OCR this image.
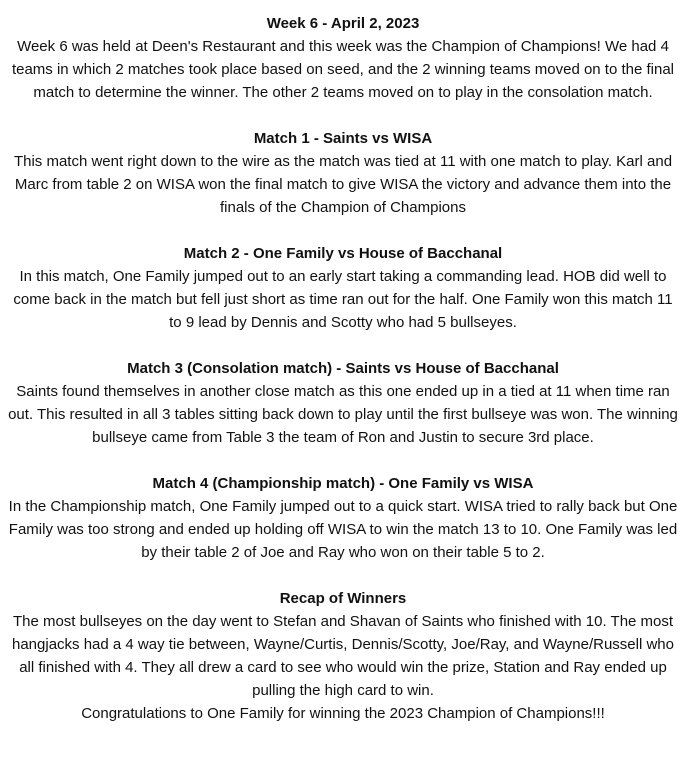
Week 6 - April 2, 2023

Week 6 was held at Deen's Restaurant and this week was the Champion of Champions! We had 4 teams in which 2 matches took place based on seed, and the 2 winning teams moved on to the final match to determine the winner. The other 2 teams moved on to play in the consolation match.

Match 1 - Saints vs WISA

This match went right down to the wire as the match was tied at 11 with one match to play. Karl and Marc from table 2 on WISA won the final match to give WISA the victory and advance them into the finals of the Champion of Champions

Match 2 - One Family vs House of Bacchanal

In this match, One Family jumped out to an early start taking a commanding lead. HOB did well to come back in the match but fell just short as time ran out for the half. One Family won this match 11 to 9 lead by Dennis and Scotty who had 5 bullseyes.

Match 3 (Consolation match) - Saints vs House of Bacchanal

Saints found themselves in another close match as this one ended up in a tied at 11 when time ran out. This resulted in all 3 tables sitting back down to play until the first bullseye was won. The winning bullseye came from Table 3 the team of Ron and Justin to secure 3rd place.

Match 4 (Championship match) - One Family vs WISA

In the Championship match, One Family jumped out to a quick start. WISA tried to rally back but One Family was too strong and ended up holding off WISA to win the match 13 to 10. One Family was led by their table 2 of Joe and Ray who won on their table 5 to 2.

Recap of Winners

The most bullseyes on the day went to Stefan and Shavan of Saints who finished with 10. The most hangjacks had a 4 way tie between, Wayne/Curtis, Dennis/Scotty, Joe/Ray, and Wayne/Russell who all finished with 4. They all drew a card to see who would win the prize, Station and Ray ended up pulling the high card to win.

Congratulations to One Family for winning the 2023 Champion of Champions!!!
